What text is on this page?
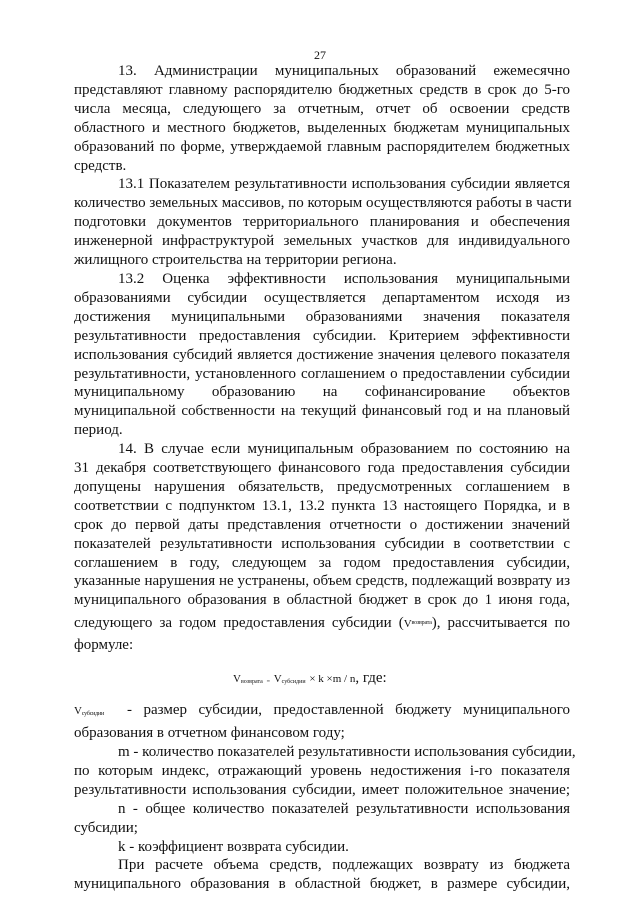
27
13. Администрации муниципальных образований ежемесячно
представляют главному распорядителю бюджетных средств в срок до 5-го
числа месяца, следующего за отчетным, отчет об освоении средств
областного и местного бюджетов, выделенных бюджетам муниципальных
образований по форме, утверждаемой главным распорядителем бюджетных
средств.
13.1 Показателем результативности использования субсидии является
количество земельных массивов, по которым осуществляются работы в части
подготовки документов территориального планирования и обеспечения
инженерной инфраструктурой земельных участков для индивидуального
жилищного строительства на территории региона.
13.2 Оценка эффективности использования муниципальными
образованиями субсидии осуществляется департаментом исходя из
достижения муниципальными образованиями значения показателя
результативности предоставления субсидии. Критерием эффективности
использования субсидий является достижение значения целевого показателя
результативности, установленного соглашением о предоставлении субсидии
муниципальному образованию на софинансирование объектов
муниципальной собственности на текущий финансовый год и на плановый
период.
14. В случае если муниципальным образованием по состоянию на
31 декабря соответствующего финансового года предоставления субсидии
допущены нарушения обязательств, предусмотренных соглашением в
соответствии с подпунктом 13.1, 13.2 пункта 13 настоящего Порядка, и в
срок до первой даты представления отчетности о достижении значений
показателей результативности использования субсидии в соответствии с
соглашением в году, следующем за годом предоставления субсидии,
указанные нарушения не устранены, объем средств, подлежащий возврату из
муниципального образования в областной бюджет в срок до 1 июня года,
следующего за годом предоставления субсидии $(V^{возврата})$, рассчитывается по
формуле:
Vвозврата = Vсубсидии × k ×m / n, где:
Vсубсидии - размер субсидии, предоставленной бюджету муниципального
образования в отчетном финансовом году;
m - количество показателей результативности использования субсидии,
по которым индекс, отражающий уровень недостижения i-го показателя
результативности использования субсидии, имеет положительное значение;
n - общее количество показателей результативности использования
субсидии;
k - коэффициент возврата субсидии.
При расчете объема средств, подлежащих возврату из бюджета
муниципального образования в областной бюджет, в размере субсидии,
